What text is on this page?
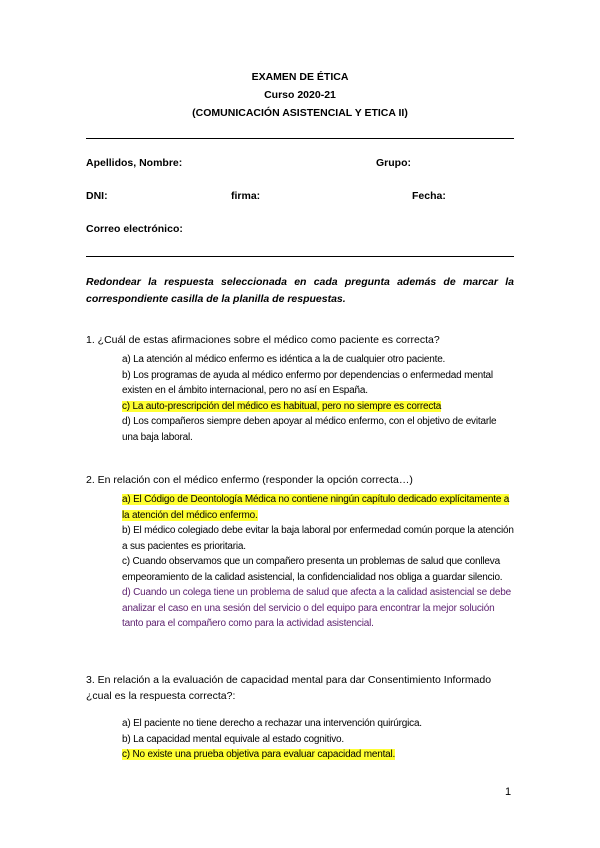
EXAMEN DE ÉTICA
Curso 2020-21
(COMUNICACIÓN ASISTENCIAL Y ETICA II)
Apellidos, Nombre:	Grupo:
DNI:	firma:	Fecha:
Correo electrónico:
Redondear la respuesta seleccionada en cada pregunta además de marcar la correspondiente casilla de la planilla de respuestas.
1. ¿Cuál de estas afirmaciones sobre el médico como paciente es correcta?
a) La atención al médico enfermo es idéntica a la de cualquier otro paciente.
b) Los programas de ayuda al médico enfermo por dependencias o enfermedad mental existen en el ámbito internacional, pero no así en España.
c) La auto-prescripción del médico es habitual, pero no siempre es correcta
d) Los compañeros siempre deben apoyar al médico enfermo, con el objetivo de evitarle una baja laboral.
2. En relación con el médico enfermo (responder la opción correcta…)
a) El Código de Deontología Médica no contiene ningún capítulo dedicado explícitamente a la atención del médico enfermo.
b) El médico colegiado debe evitar la baja laboral por enfermedad común porque la atención a sus pacientes es prioritaria.
c) Cuando observamos que un compañero presenta un problemas de salud que conlleva empeoramiento de la calidad asistencial, la confidencialidad nos obliga a guardar silencio.
d) Cuando un colega tiene un problema de salud que afecta a la calidad asistencial se debe analizar el caso en una sesión del servicio o del equipo para encontrar la mejor solución tanto para el compañero como para la actividad asistencial.
3. En relación a la evaluación de capacidad mental para dar Consentimiento Informado ¿cual es la respuesta correcta?:
a) El paciente no tiene derecho a rechazar una intervención quirúrgica.
b) La capacidad mental equivale al estado cognitivo.
c) No existe una prueba objetiva para evaluar capacidad mental.
1
